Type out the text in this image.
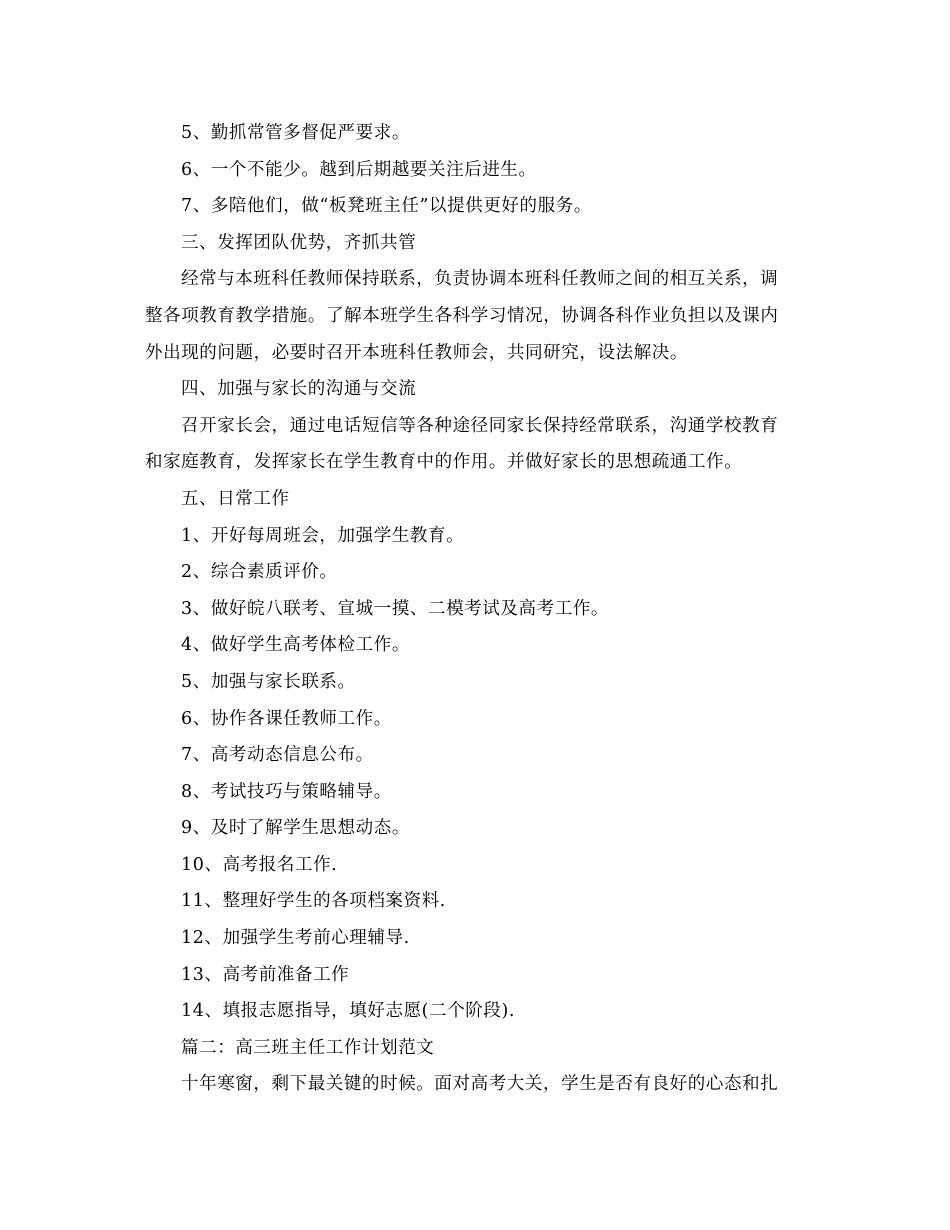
5、勤抓常管多督促严要求。

6、一个不能少。越到后期越要关注后进生。

7、多陪他们，做“板凳班主任”以提供更好的服务。

三、发挥团队优势，齐抓共管

经常与本班科任教师保持联系，负责协调本班科任教师之间的相互关系，调

整各项教育教学措施。了解本班学生各科学习情况，协调各科作业负担以及课内

外出现的问题，必要时召开本班科任教师会，共同研究，设法解决。

四、加强与家长的沟通与交流

召开家长会，通过电话短信等各种途径同家长保持经常联系，沟通学校教育

和家庭教育，发挥家长在学生教育中的作用。并做好家长的思想疏通工作。

五、日常工作

1、开好每周班会，加强学生教育。

2、综合素质评价。

3、做好皖八联考、宣城一摸、二模考试及高考工作。

4、做好学生高考体检工作。

5、加强与家长联系。

6、协作各课任教师工作。

7、高考动态信息公布。

8、考试技巧与策略辅导。

9、及时了解学生思想动态。

10、高考报名工作.

11、整理好学生的各项档案资料.

12、加强学生考前心理辅导.

13、高考前准备工作

14、填报志愿指导，填好志愿(二个阶段).

篇二：高三班主任工作计划范文

十年寒窗，剩下最关键的时候。面对高考大关，学生是否有良好的心态和扎
